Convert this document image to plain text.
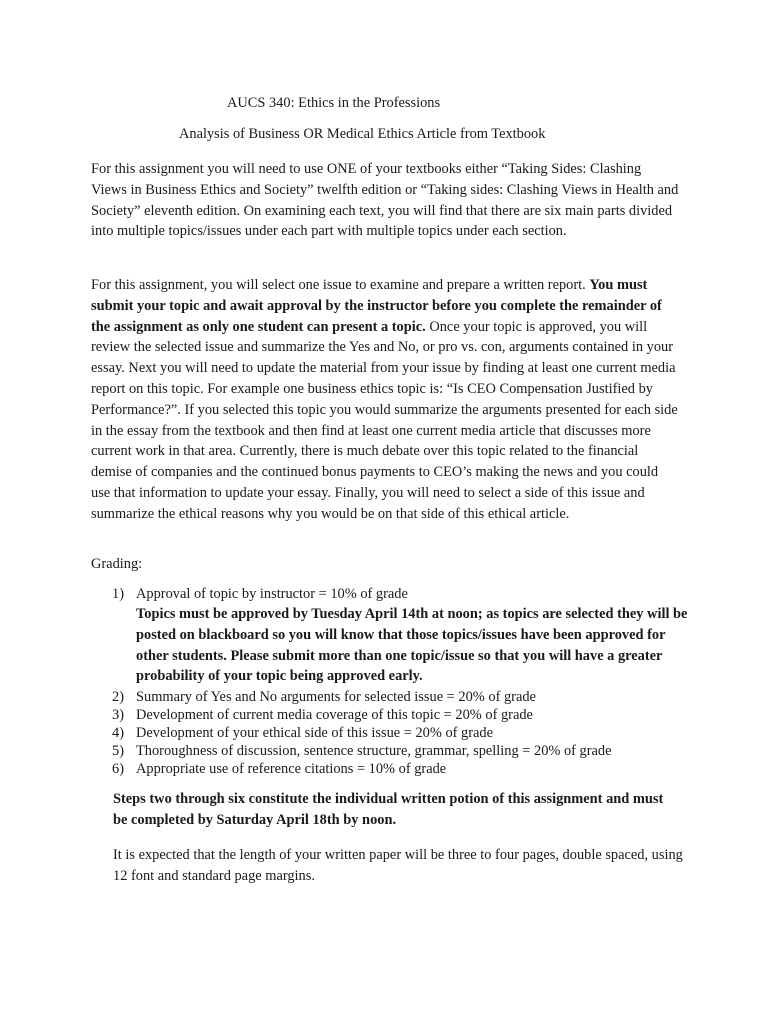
AUCS 340: Ethics in the Professions
Analysis of Business OR Medical Ethics Article from Textbook

For this assignment you will need to use ONE of your textbooks either “Taking Sides: Clashing Views in Business Ethics and Society” twelfth edition or “Taking sides: Clashing Views in Health and Society” eleventh edition. On examining each text, you will find that there are six main parts divided into multiple topics/issues under each part with multiple topics under each section.

For this assignment, you will select one issue to examine and prepare a written report. You must submit your topic and await approval by the instructor before you complete the remainder of the assignment as only one student can present a topic. Once your topic is approved, you will review the selected issue and summarize the Yes and No, or pro vs. con, arguments contained in your essay. Next you will need to update the material from your issue by finding at least one current media report on this topic. For example one business ethics topic is: “Is CEO Compensation Justified by Performance?”. If you selected this topic you would summarize the arguments presented for each side in the essay from the textbook and then find at least one current media article that discusses more current work in that area. Currently, there is much debate over this topic related to the financial demise of companies and the continued bonus payments to CEO’s making the news and you could use that information to update your essay. Finally, you will need to select a side of this issue and summarize the ethical reasons why you would be on that side of this ethical article.

Grading:
1) Approval of topic by instructor = 10% of grade
Topics must be approved by Tuesday April 14th at noon; as topics are selected they will be posted on blackboard so you will know that those topics/issues have been approved for other students. Please submit more than one topic/issue so that you will have a greater probability of your topic being approved early.
2) Summary of Yes and No arguments for selected issue = 20% of grade
3) Development of current media coverage of this topic = 20% of grade
4) Development of your ethical side of this issue = 20% of grade
5) Thoroughness of discussion, sentence structure, grammar, spelling = 20% of grade
6) Appropriate use of reference citations = 10% of grade
Steps two through six constitute the individual written potion of this assignment and must be completed by Saturday April 18th by noon.
It is expected that the length of your written paper will be three to four pages, double spaced, using 12 font and standard page margins.
